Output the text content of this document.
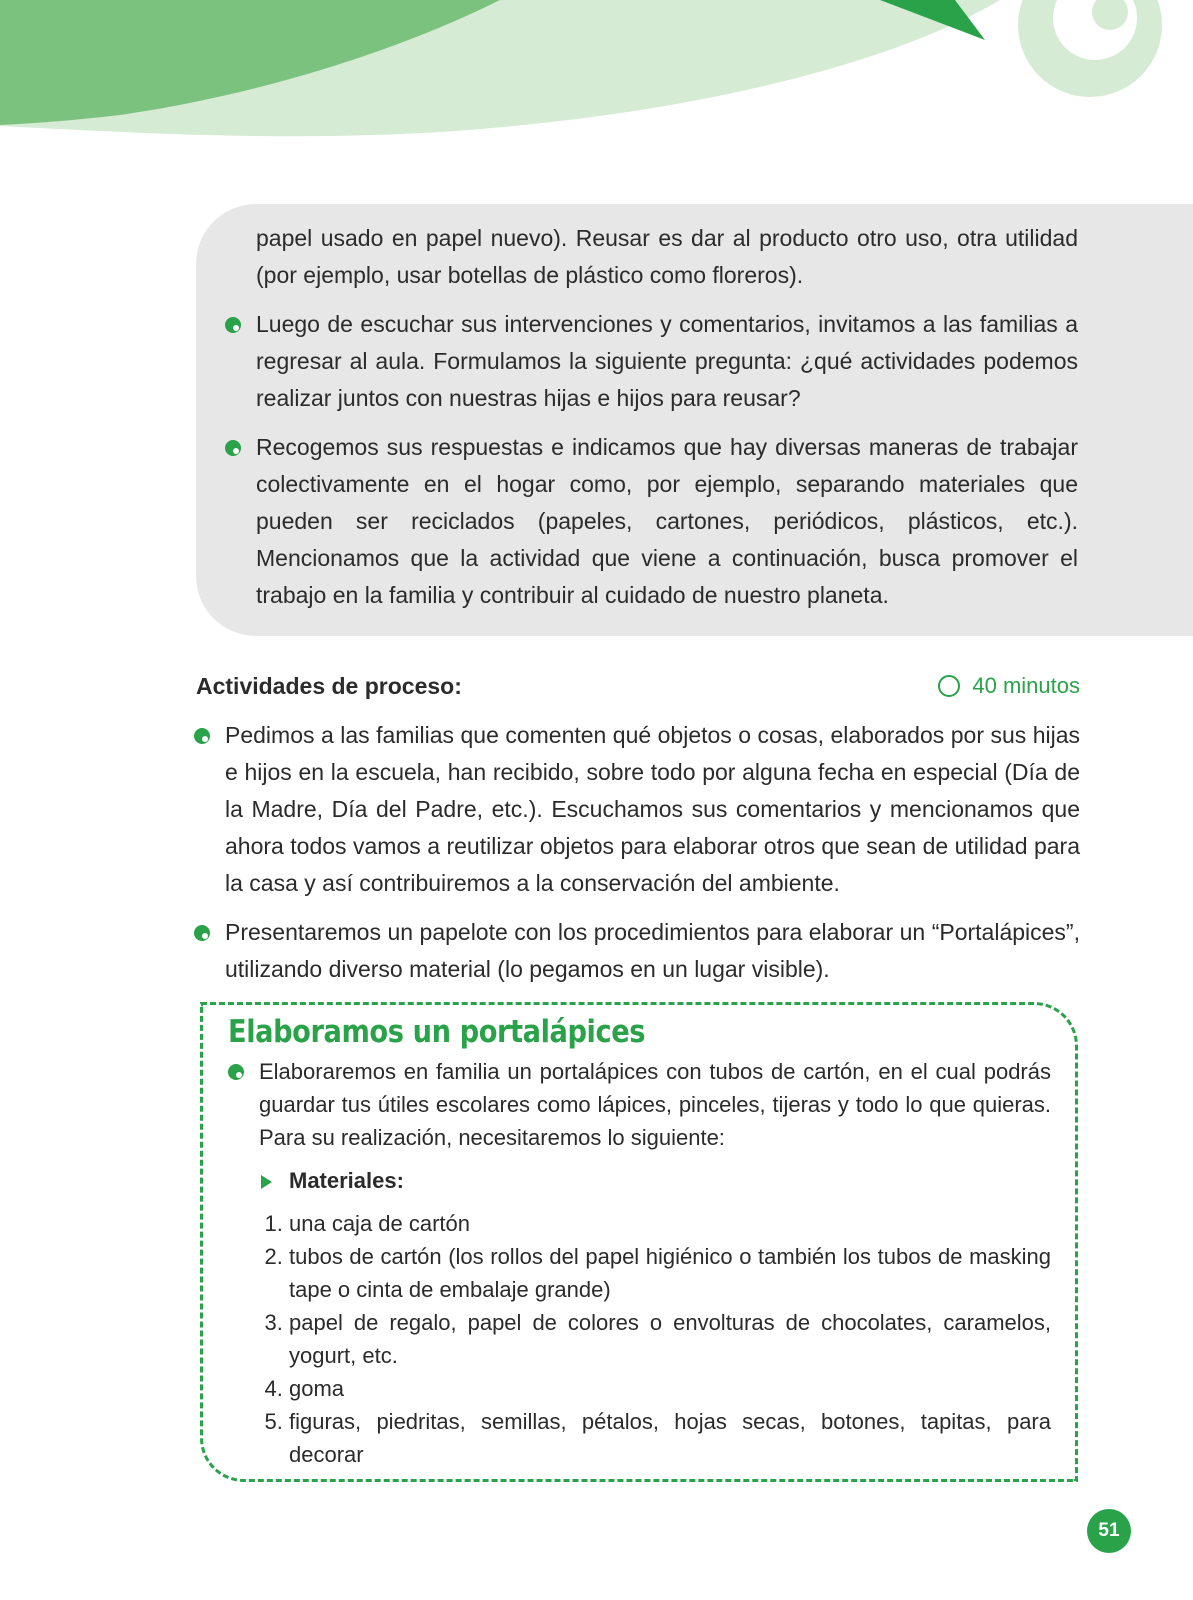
papel usado en papel nuevo). Reusar es dar al producto otro uso, otra utilidad (por ejemplo, usar botellas de plástico como floreros).

Luego de escuchar sus intervenciones y comentarios, invitamos a las familias a regresar al aula. Formulamos la siguiente pregunta: ¿qué actividades podemos realizar juntos con nuestras hijas e hijos para reusar?

Recogemos sus respuestas e indicamos que hay diversas maneras de trabajar colectivamente en el hogar como, por ejemplo, separando materiales que pueden ser reciclados (papeles, cartones, periódicos, plásticos, etc.). Mencionamos que la actividad que viene a continuación, busca promover el trabajo en la familia y contribuir al cuidado de nuestro planeta.

Actividades de proceso:	40 minutos

Pedimos a las familias que comenten qué objetos o cosas, elaborados por sus hijas e hijos en la escuela, han recibido, sobre todo por alguna fecha en especial (Día de la Madre, Día del Padre, etc.). Escuchamos sus comentarios y mencionamos que ahora todos vamos a reutilizar objetos para elaborar otros que sean de utilidad para la casa y así contribuiremos a la conservación del ambiente.

Presentaremos un papelote con los procedimientos para elaborar un “Portalápices”, utilizando diverso material (lo pegamos en un lugar visible).

Elaboramos un portalápices

Elaboraremos en familia un portalápices con tubos de cartón, en el cual podrás guardar tus útiles escolares como lápices, pinceles, tijeras y todo lo que quieras. Para su realización, necesitaremos lo siguiente:

Materiales:
1. una caja de cartón
2. tubos de cartón (los rollos del papel higiénico o también los tubos de masking tape o cinta de embalaje grande)
3. papel de regalo, papel de colores o envolturas de chocolates, caramelos, yogurt, etc.
4. goma
5. figuras, piedritas, semillas, pétalos, hojas secas, botones, tapitas, para decorar
51
